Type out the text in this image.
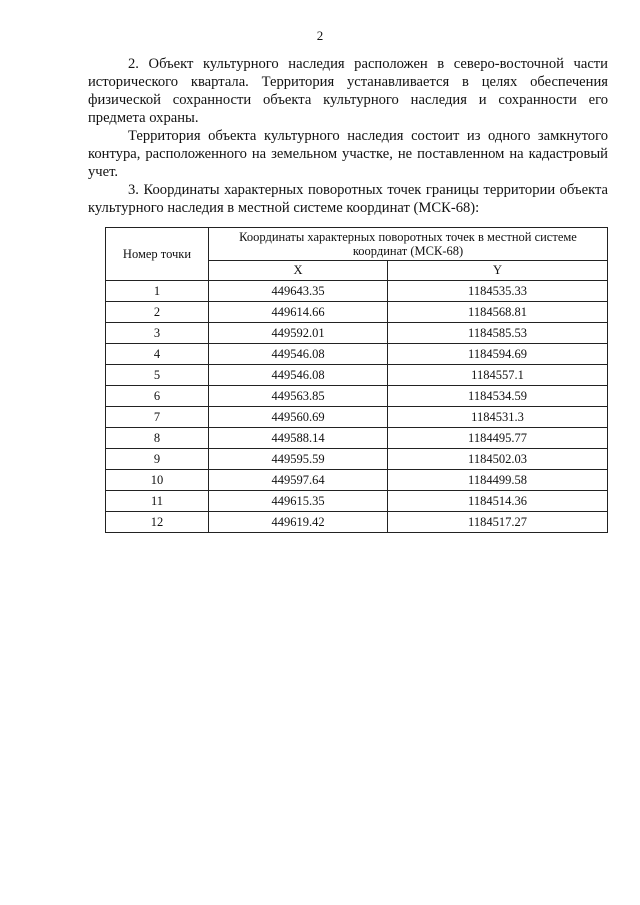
2

2. Объект культурного наследия расположен в северо-восточной части исторического квартала. Территория устанавливается в целях обеспечения физической сохранности объекта культурного наследия и сохранности его предмета охраны.

Территория объекта культурного наследия состоит из одного замкнутого контура, расположенного на земельном участке, не поставленном на кадастровый учет.

3. Координаты характерных поворотных точек границы территории объекта культурного наследия в местной системе координат (МСК-68):

Номер точки	Координаты характерных поворотных точек в местной системе координат (МСК-68)	
	X	Y
1	449643.35	1184535.33
2	449614.66	1184568.81
3	449592.01	1184585.53
4	449546.08	1184594.69
5	449546.08	1184557.1
6	449563.85	1184534.59
7	449560.69	1184531.3
8	449588.14	1184495.77
9	449595.59	1184502.03
10	449597.64	1184499.58
11	449615.35	1184514.36
12	449619.42	1184517.27
